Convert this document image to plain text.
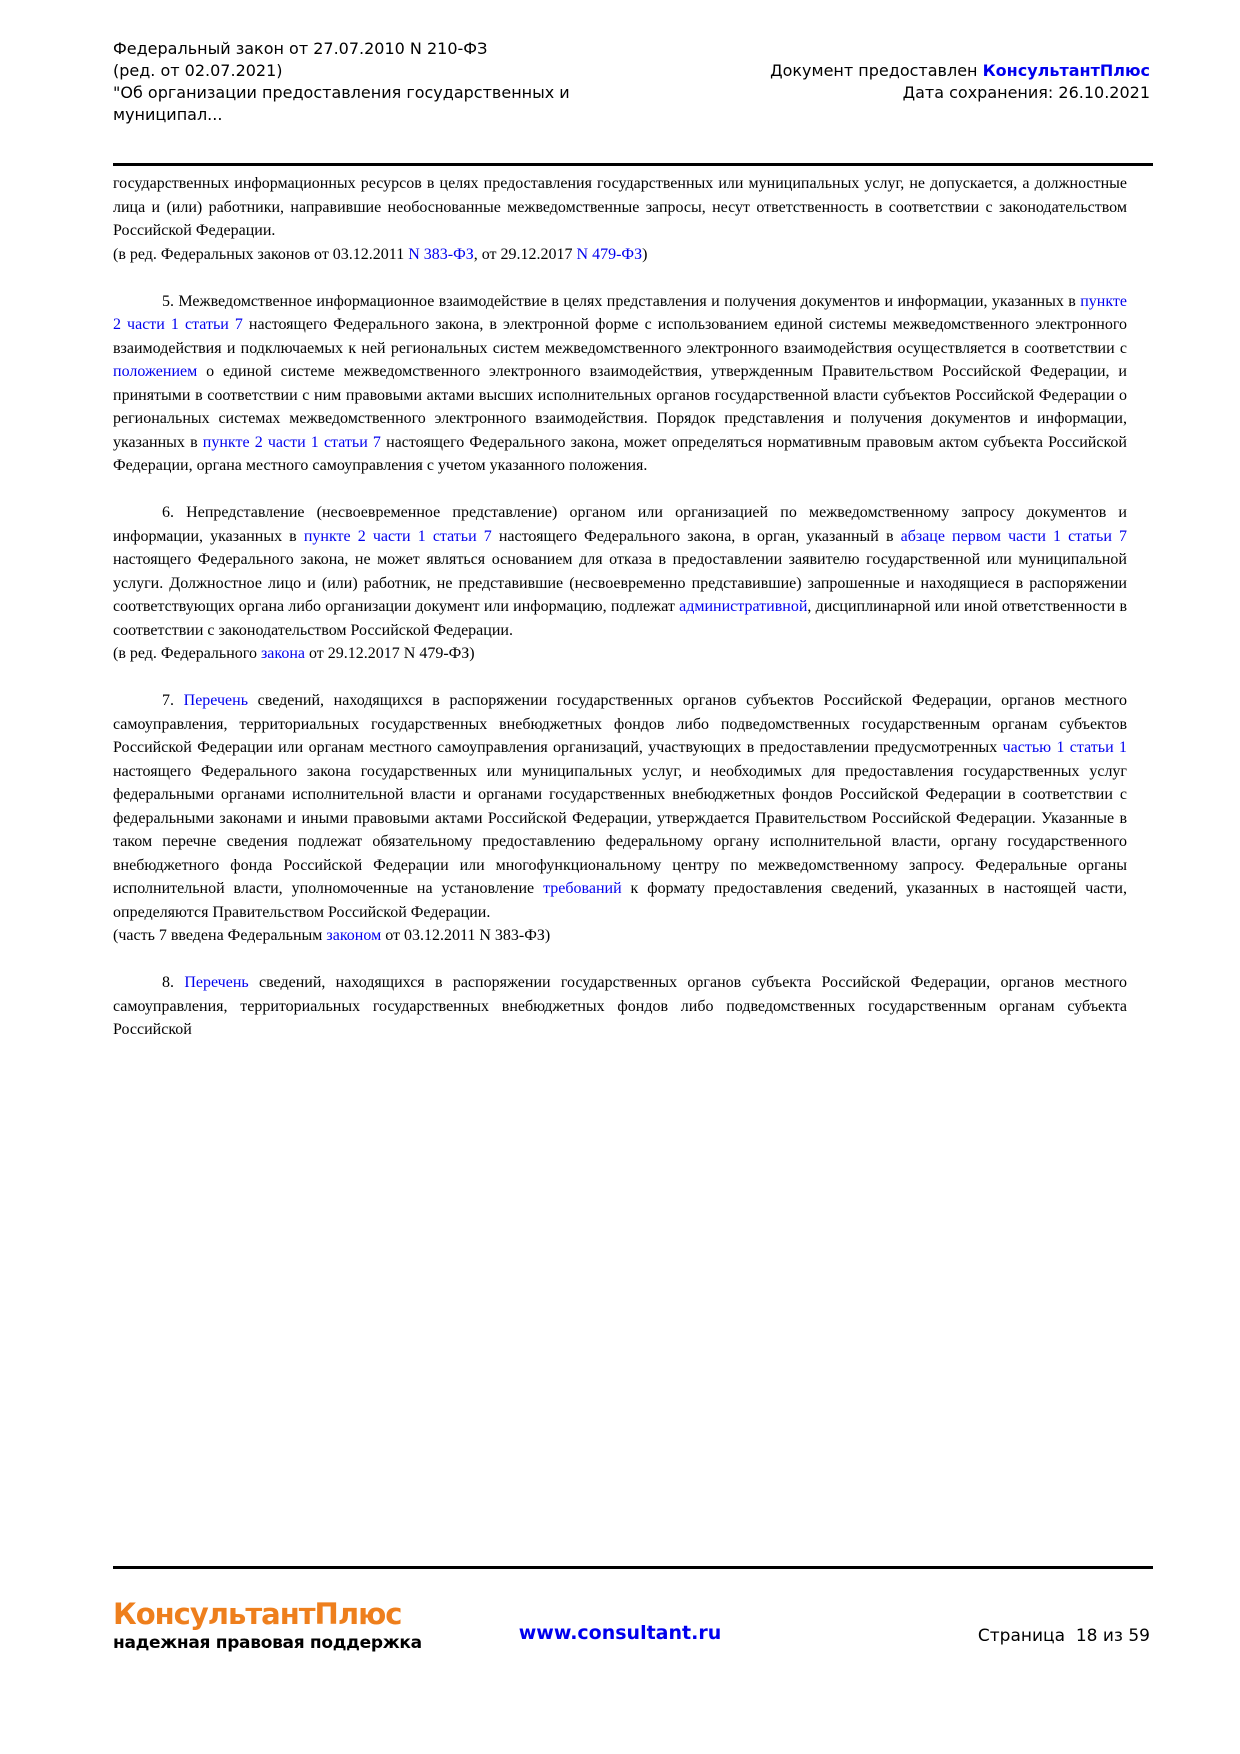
Федеральный закон от 27.07.2010 N 210-ФЗ
(ред. от 02.07.2021)
"Об организации предоставления государственных и
муниципал...
Документ предоставлен КонсультантПлюс
Дата сохранения: 26.10.2021

государственных информационных ресурсов в целях предоставления государственных или муниципальных услуг, не допускается, а должностные лица и (или) работники, направившие необоснованные межведомственные запросы, несут ответственность в соответствии с законодательством Российской Федерации.

(в ред. Федеральных законов от 03.12.2011 N 383-ФЗ, от 29.12.2017 N 479-ФЗ)

5. Межведомственное информационное взаимодействие в целях представления и получения документов и информации, указанных в пункте 2 части 1 статьи 7 настоящего Федерального закона, в электронной форме с использованием единой системы межведомственного электронного взаимодействия и подключаемых к ней региональных систем межведомственного электронного взаимодействия осуществляется в соответствии с положением о единой системе межведомственного электронного взаимодействия, утвержденным Правительством Российской Федерации, и принятыми в соответствии с ним правовыми актами высших исполнительных органов государственной власти субъектов Российской Федерации о региональных системах межведомственного электронного взаимодействия. Порядок представления и получения документов и информации, указанных в пункте 2 части 1 статьи 7 настоящего Федерального закона, может определяться нормативным правовым актом субъекта Российской Федерации, органа местного самоуправления с учетом указанного положения.

6. Непредставление (несвоевременное представление) органом или организацией по межведомственному запросу документов и информации, указанных в пункте 2 части 1 статьи 7 настоящего Федерального закона, в орган, указанный в абзаце первом части 1 статьи 7 настоящего Федерального закона, не может являться основанием для отказа в предоставлении заявителю государственной или муниципальной услуги. Должностное лицо и (или) работник, не представившие (несвоевременно представившие) запрошенные и находящиеся в распоряжении соответствующих органа либо организации документ или информацию, подлежат административной, дисциплинарной или иной ответственности в соответствии с законодательством Российской Федерации.

(в ред. Федерального закона от 29.12.2017 N 479-ФЗ)

7. Перечень сведений, находящихся в распоряжении государственных органов субъектов Российской Федерации, органов местного самоуправления, территориальных государственных внебюджетных фондов либо подведомственных государственным органам субъектов Российской Федерации или органам местного самоуправления организаций, участвующих в предоставлении предусмотренных частью 1 статьи 1 настоящего Федерального закона государственных или муниципальных услуг, и необходимых для предоставления государственных услуг федеральными органами исполнительной власти и органами государственных внебюджетных фондов Российской Федерации в соответствии с федеральными законами и иными правовыми актами Российской Федерации, утверждается Правительством Российской Федерации. Указанные в таком перечне сведения подлежат обязательному предоставлению федеральному органу исполнительной власти, органу государственного внебюджетного фонда Российской Федерации или многофункциональному центру по межведомственному запросу. Федеральные органы исполнительной власти, уполномоченные на установление требований к формату предоставления сведений, указанных в настоящей части, определяются Правительством Российской Федерации.

(часть 7 введена Федеральным законом от 03.12.2011 N 383-ФЗ)

8. Перечень сведений, находящихся в распоряжении государственных органов субъекта Российской Федерации, органов местного самоуправления, территориальных государственных внебюджетных фондов либо подведомственных государственным органам субъекта Российской

КонсультантПлюс
надежная правовая поддержка	www.consultant.ru	Страница 18 из 59
